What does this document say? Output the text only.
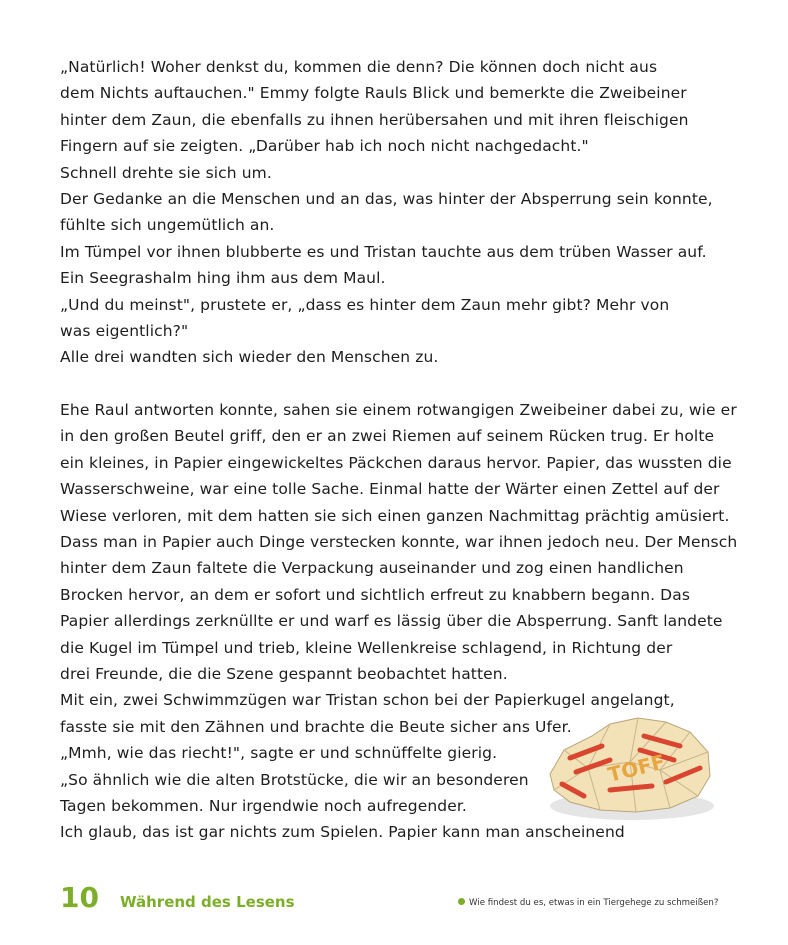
„Natürlich! Woher denkst du, kommen die denn? Die können doch nicht aus
dem Nichts auftauchen." Emmy folgte Rauls Blick und bemerkte die Zweibeiner
hinter dem Zaun, die ebenfalls zu ihnen herübersahen und mit ihren fleischigen
Fingern auf sie zeigten. „Darüber hab ich noch nicht nachgedacht."
Schnell drehte sie sich um.
Der Gedanke an die Menschen und an das, was hinter der Absperrung sein konnte,
fühlte sich ungemütlich an.
Im Tümpel vor ihnen blubberte es und Tristan tauchte aus dem trüben Wasser auf.
Ein Seegrashalm hing ihm aus dem Maul.
„Und du meinst", prustete er, „dass es hinter dem Zaun mehr gibt? Mehr von
was eigentlich?"
Alle drei wandten sich wieder den Menschen zu.
Ehe Raul antworten konnte, sahen sie einem rotwangigen Zweibeiner dabei zu, wie er
in den großen Beutel griff, den er an zwei Riemen auf seinem Rücken trug. Er holte
ein kleines, in Papier eingewickeltes Päckchen daraus hervor. Papier, das wussten die
Wasserschweine, war eine tolle Sache. Einmal hatte der Wärter einen Zettel auf der
Wiese verloren, mit dem hatten sie sich einen ganzen Nachmittag prächtig amüsiert.
Dass man in Papier auch Dinge verstecken konnte, war ihnen jedoch neu. Der Mensch
hinter dem Zaun faltete die Verpackung auseinander und zog einen handlichen
Brocken hervor, an dem er sofort und sichtlich erfreut zu knabbern begann. Das
Papier allerdings zerknüllte er und warf es lässig über die Absperrung. Sanft landete
die Kugel im Tümpel und trieb, kleine Wellenkreise schlagend, in Richtung der
drei Freunde, die die Szene gespannt beobachtet hatten.
Mit ein, zwei Schwimmzügen war Tristan schon bei der Papierkugel angelangt,
fasste sie mit den Zähnen und brachte die Beute sicher ans Ufer.
„Mmh, wie das riecht!", sagte er und schnüffelte gierig.
„So ähnlich wie die alten Brotstücke, die wir an besonderen
Tagen bekommen. Nur irgendwie noch aufregender.
Ich glaub, das ist gar nichts zum Spielen. Papier kann man anscheinend
TOFF
10 Während des Lesens	Wie findest du es, etwas in ein Tiergehege zu schmeißen?
